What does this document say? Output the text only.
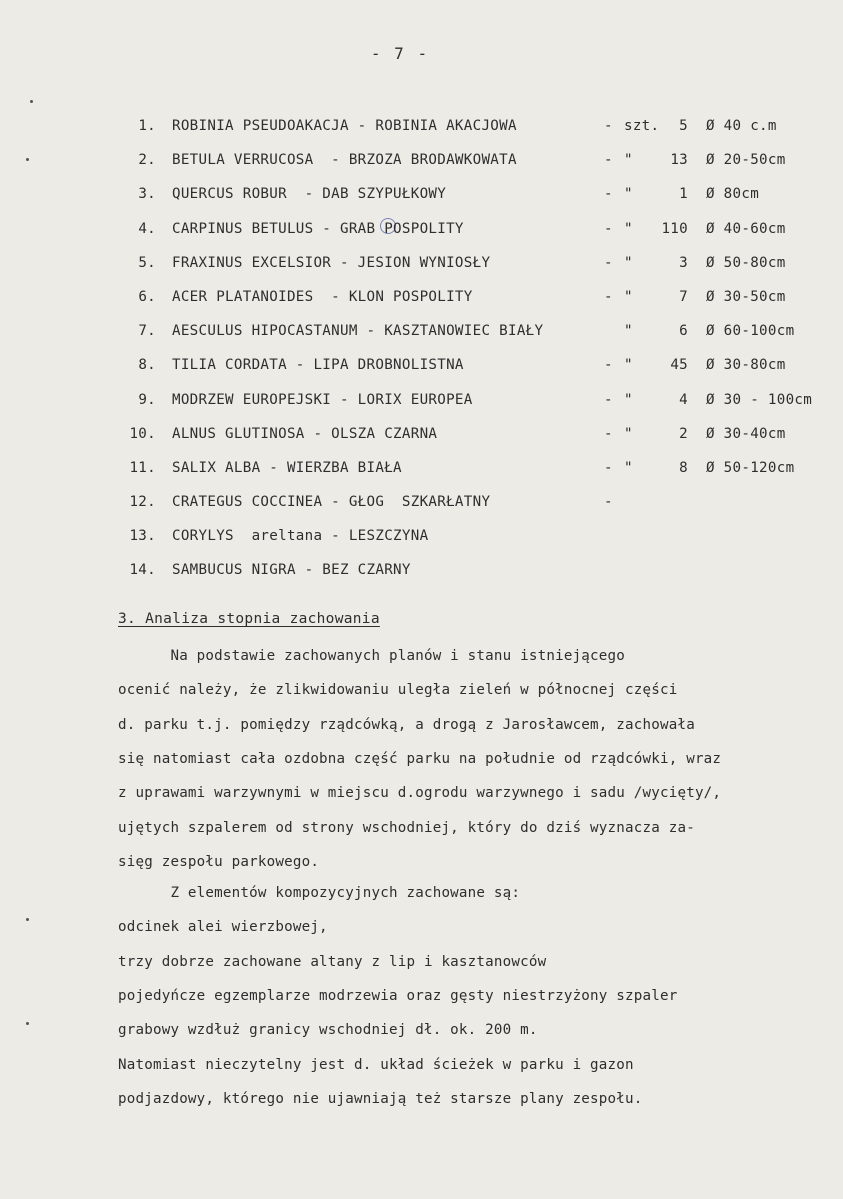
- 7 -
1. ROBINIA PSEUDOAKACJA - ROBINIA AKACJOWA	- szt.	5 Ø 40 c.m
2. BETULA VERRUCOSA  - BRZOZA BRODAWKOWATA	- "	13 Ø 20-50cm
3. QUERCUS ROBUR  - DAB SZYPUŁKOWY	- "	1 Ø 80cm
4. CARPINUS BETULUS - GRAB POSPOLITY	- "	110 Ø 40-60cm
5. FRAXINUS EXCELSIOR - JESION WYNIOSŁY	- "	3 Ø 50-80cm
6. ACER PLATANOIDES  - KLON POSPOLITY	- "	7 Ø 30-50cm
7. AESCULUS HIPOCASTANUM - KASZTANOWIEC BIAŁY	"	6 Ø 60-100cm
8. TILIA CORDATA - LIPA DROBNOLISTNA	- "	45 Ø 30-80cm
9. MODRZEW EUROPEJSKI - LORIX EUROPEA	- "	4 Ø 30 - 100cm
10. ALNUS GLUTINOSA - OLSZA CZARNA	- "	2 Ø 30-40cm
11. SALIX ALBA - WIERZBA BIAŁA	- "	8 Ø 50-120cm
12. CRATEGUS COCCINEA - GŁOG  SZKARŁATNY	-
13. CORYLYS  areltana - LESZCZYNA
14. SAMBUCUS NIGRA - BEZ CZARNY
3. Analiza stopnia zachowania
Na podstawie zachowanych planów i stanu istniejącego
ocenić należy, że zlikwidowaniu uległa zieleń w północnej części
d. parku t.j. pomiędzy rządcówką, a drogą z Jarosławcem, zachowała
się natomiast cała ozdobna część parku na południe od rządcówki, wraz
z uprawami warzywnymi w miejscu d.ogrodu warzywnego i sadu /wycięty/,
ujętych szpalerem od strony wschodniej, który do dziś wyznacza za-
sięg zespołu parkowego.
Z elementów kompozycyjnych zachowane są:
odcinek alei wierzbowej,
trzy dobrze zachowane altany z lip i kasztanowców
pojedyńcze egzemplarze modrzewia oraz gęsty niestrzyżony szpaler
grabowy wzdłuż granicy wschodniej dł. ok. 200 m.
Natomiast nieczytelny jest d. układ ścieżek w parku i gazon
podjazdowy, którego nie ujawniają też starsze plany zespołu.
